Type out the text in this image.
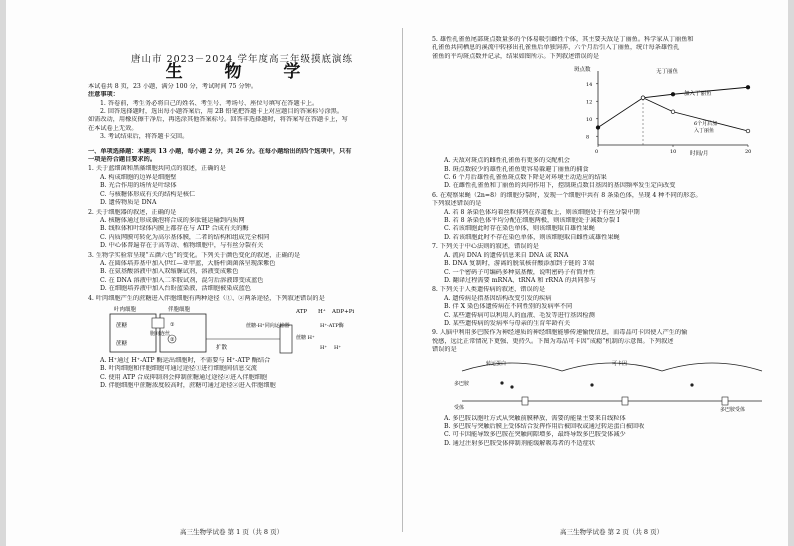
唐山市 2023－2024 学年度高三年级摸底演练
生 物 学

本试卷共 8 页，23 小题，满分 100 分，考试时间 75 分钟。

注意事项：

1. 答卷前，考生务必将自己的姓名、考生号、考场号、座位号填写在答题卡上。

2. 回答选择题时，选出每小题答案后，用 2B 铅笔把答题卡上对应题目的答案标号涂黑。

如需改动，用橡皮擦干净后，再选涂其他答案标号。回答非选择题时，将答案写在答题卡上，写

在本试卷上无效。

3. 考试结束后，将答题卡交回。

一、单项选择题：本题共 13 小题，每小题 2 分，共 26 分。在每小题给出的四个选项中，只有

一项是符合题目要求的。

1. 关于蓝细菌和黑藻细胞共同点的叙述，正确的是

A. 构成细胞的边界是细胞壁

B. 光合作用的场所是叶绿体

C. 与核糖体形成有关的结构是核仁

D. 遗传物质是 DNA

2. 关于细胞器的叙述，正确的是

A. 核糖体通过形成囊泡将合成的多肽链运输到内质网

B. 线粒体和叶绿体内膜上都存在与 ATP 合成有关的酶

C. 内质网膜可转化为高尔基体膜，二者的结构和组成完全相同

D. 中心体普遍存在于高等动、植物细胞中，与有丝分裂有关

3. 生物学实验常呈现“五颜六色”的变化。下列关于颜色变化的叙述，正确的是

A. 在圆体培养基中加入伊红—亚甲蓝，大肠杆菌菌落呈现深紫色

B. 在氨基酸溶液中加入双缩脲试剂，溶液变成紫色

C. 在 DNA 溶液中加入二苯胺试剂，混匀后溶液即变成蓝色

D. 在细胞培养液中加入台盼蓝染液，活细胞被染成蓝色

4. 叶肉细胞产生的蔗糖进入伴胞细胞有两种途径（①、②两条途径，下列叙述错误的是

叶肉细胞	伴胞细胞
胞间连丝
蔗糖
蔗糖
②
①
扩散
蔗糖-H⁺同向运输器
ATP H⁺ ADP+Pi
H⁺-ATP酶
蔗糖 H⁺
H⁺ H⁺

A. H⁺通过 H⁺-ATP 酶运出细胞时，不需要与 H⁺-ATP 酶结合

B. 叶肉细胞和伴胞细胞可通过途径①进行细胞间信息交流

C. 使用 ATP 合成抑制剂会抑制蔗糖通过途径②进入伴胞细胞

D. 伴胞细胞中蔗糖浓度较高时，蔗糖可通过途径②进入伴胞细胞

5. 雄性孔雀鱼尾部斑点数量多的个体易吸引雌性个体，其主要天敌是丁丽鱼。科学家从丁丽鱼和

孔雀鱼共同栖息的溪流中转移出孔雀鱼后单独饲养，六个月后引入丁丽鱼，统计每条雄性孔

雀鱼的平均斑点数并记录，结果如图所示。下列叙述错误的是

斑点数
时间/月
无丁丽鱼
加入丁丽鱼
6个月后加
入丁丽鱼
14
12
10
8
0	10	20

A. 天敌对斑点的雌性孔雀鱼有更多的交配机会

B. 斑点数较少的雄性孔雀鱼更容易躲避丁丽鱼的捕食

C. 6 个月后雄性孔雀鱼斑点数下降是对环境主动适应的结果

D. 在雌性孔雀鱼和丁丽鱼的共同作用下，控制斑点数目基因的基因频率发生定向改变

6. 在观察果蝇（2n=8）的细胞分裂时，发现一个细胞中共有 8 条染色体，呈现 4 种不同的形态。

下列叙述错误的是

A. 若 8 条染色体均着丝粒排列在赤道板上，则该细胞处于有丝分裂中期

B. 若 8 条染色体平均分配在细胞两极，则该细胞处于减数分裂 Ⅰ

C. 若该细胞此时存在染色单体，则该细胞取自雄性果蝇

D. 若该细胞此时不存在染色单体，则该细胞取自雌性或雄性果蝇

7. 下列关于中心法则的叙述，错误的是

A. 流向 DNA 的遗传信息来自 DNA 或 RNA

B. DNA 复制时，游离的脱氧核苷酸添加到子链的 3′端

C. 一个密码子可编码多种氨基酸，说明密码子有简并性

D. 翻译过程需要 mRNA、tRNA 和 rRNA 的共同参与

8. 下列关于人类遗传病的叙述，错误的是

A. 遗传病是指基因结构改变引发的疾病

B. 伴 X 染色体遗传病在不同性别的发病率不同

C. 某些遗传病可以利用人的血液、毛发等进行基因检测

D. 某些遗传病的发病率与母亲的生育年龄有关

9. 人脑中利用多巴胺作为神经递质的神经细胞能够传递愉悦信息，而毒品可卡因使人产生的愉

悦感，远比正常情况下更强、更持久。下图为毒品可卡因“成瘾”机制的示意图。下列叙述

错误的是

转运蛋白
多巴胺
受体
可卡因
多巴胺受体

A. 多巴胺以胞吐方式从突触前膜释放，需要的能量主要来自线粒体

B. 多巴胺与突触后膜上受体结合发挥作用后被回收或通过转运蛋白被回收

C. 可卡因能导致多巴胺在突触间隙增多，最终导致多巴胺受体减少

D. 通过注射多巴胺受体抑制剂能缓解吸毒者的不适症状

高三生物学试卷 第 1 页（共 8 页）	高三生物学试卷 第 2 页（共 8 页）
